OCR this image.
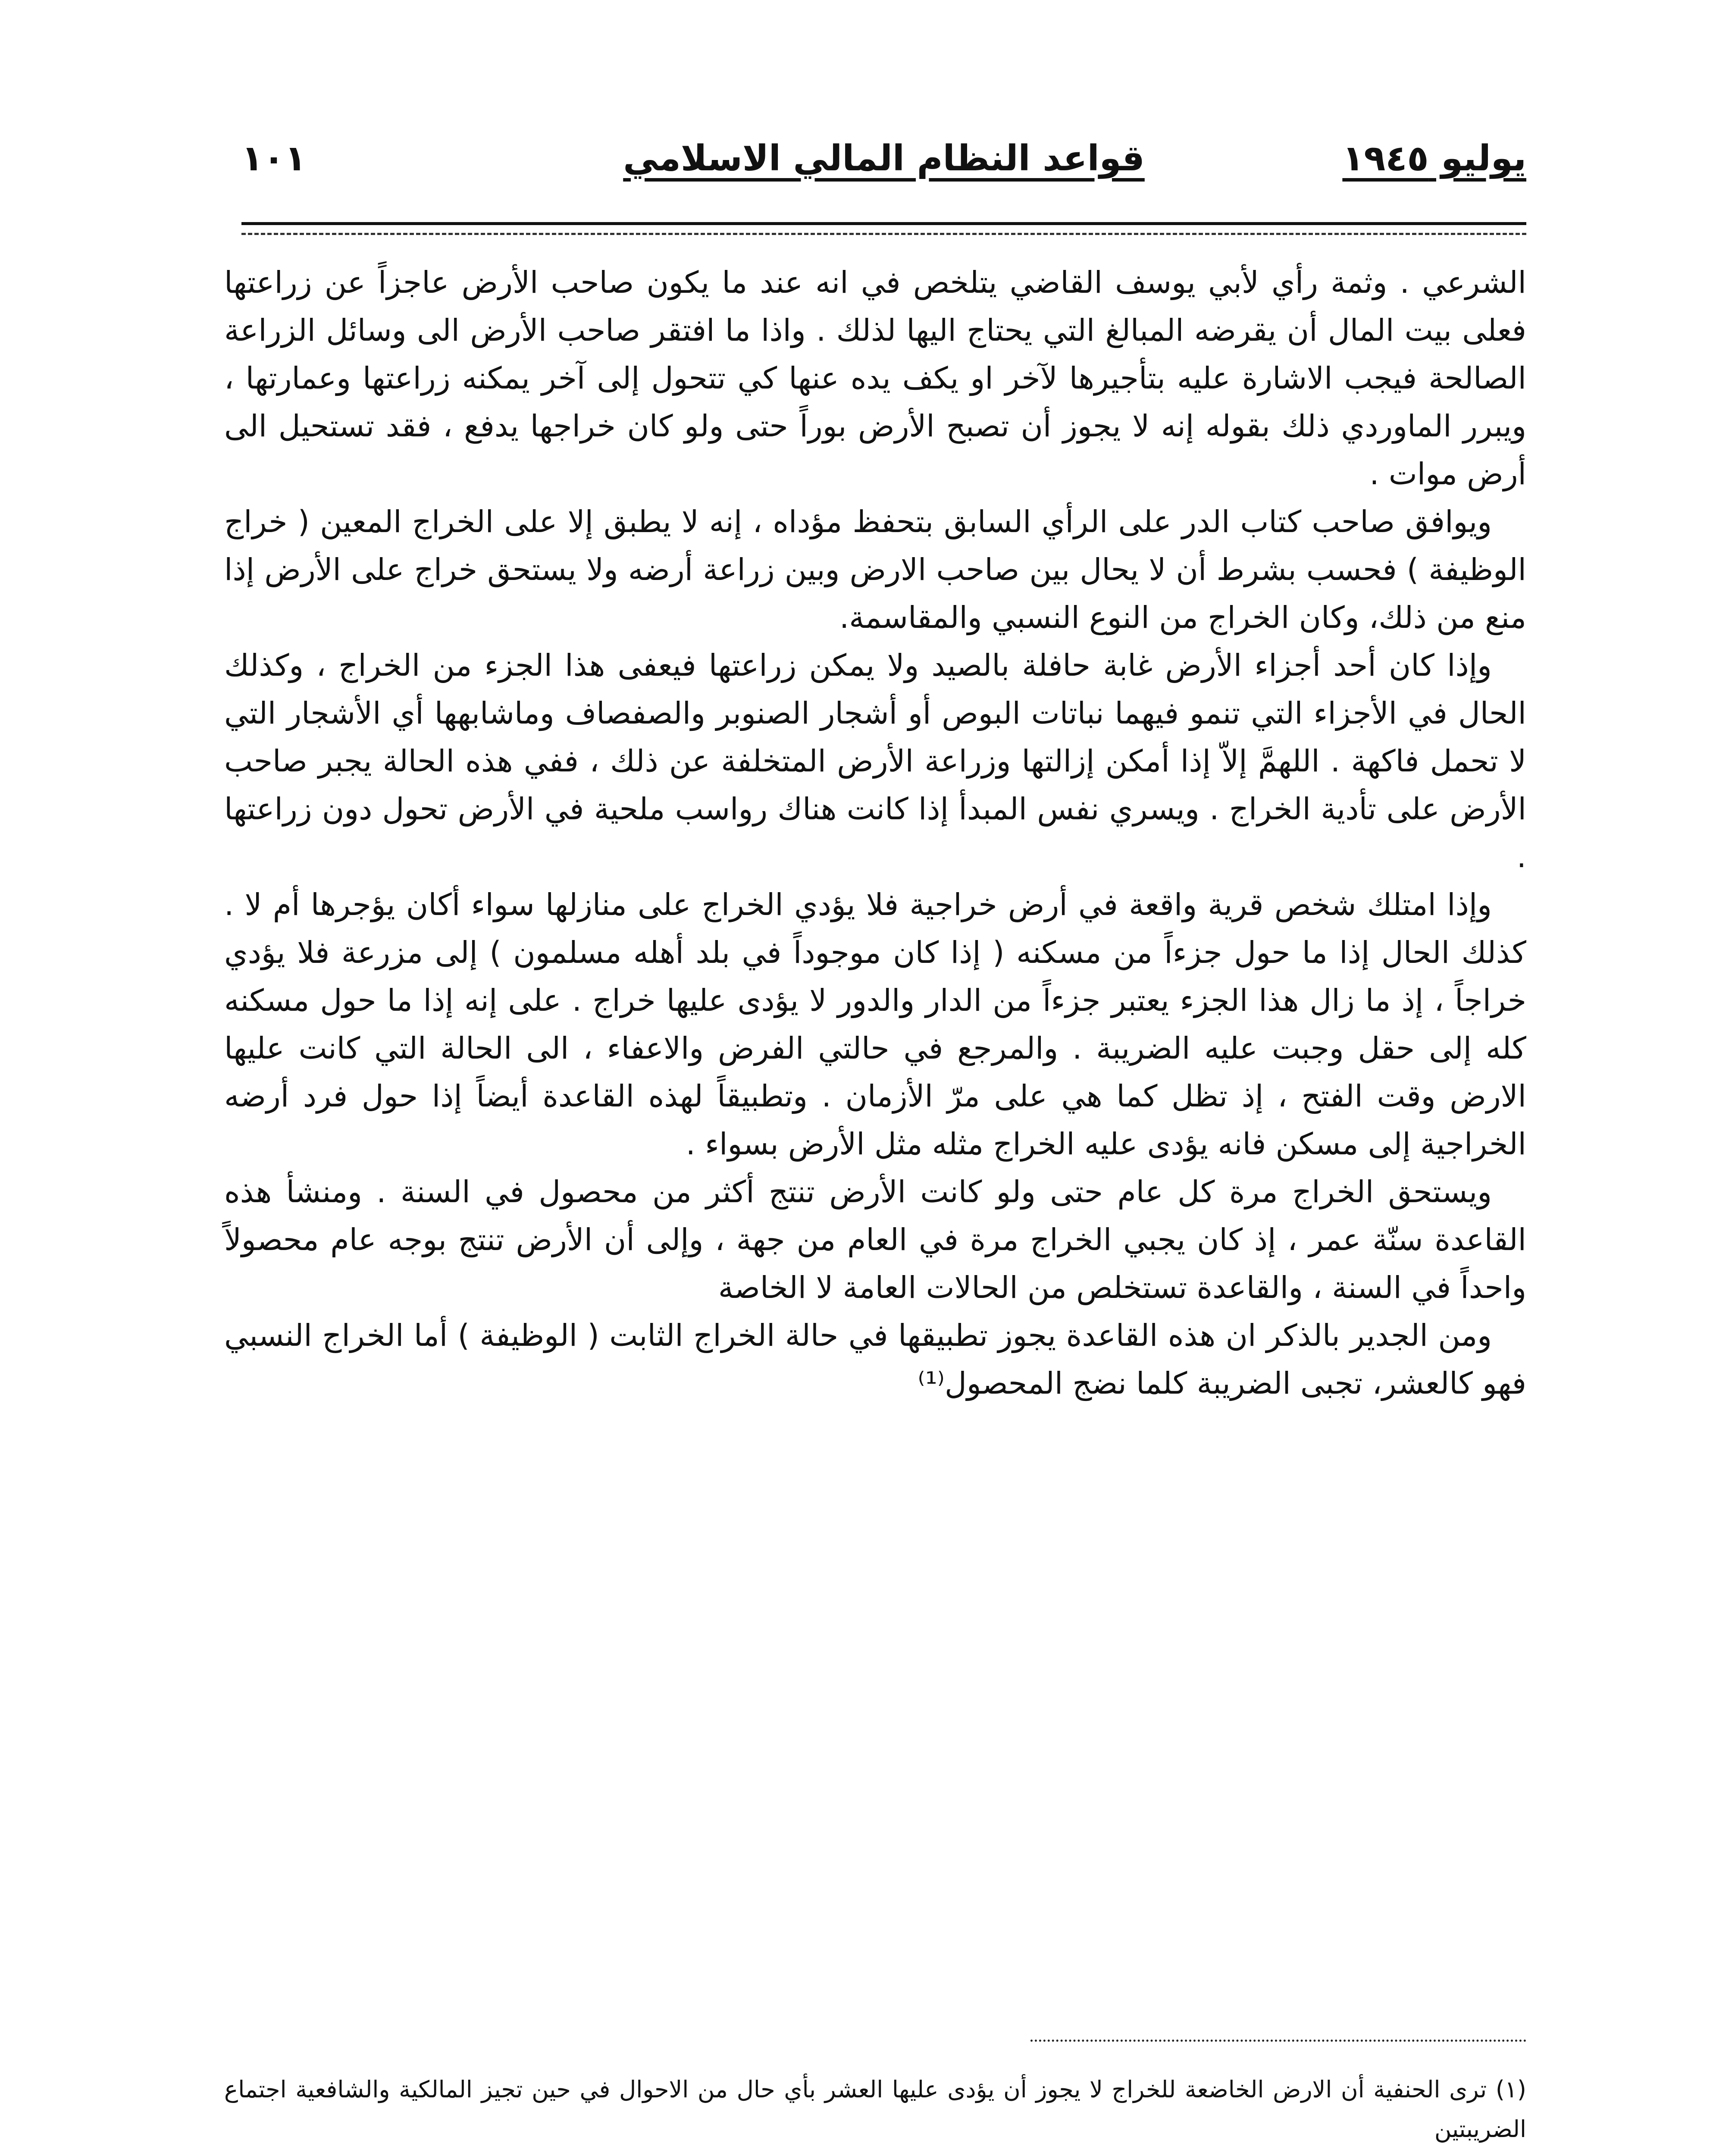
يوليو ١٩٤٥
قواعد النظام المالي الاسلامي
١٠١

الشرعي . وثمة رأي لأبي يوسف القاضي يتلخص في انه عند ما يكون صاحب الأرض عاجزاً عن زراعتها فعلى بيت المال أن يقرضه المبالغ التي يحتاج اليها لذلك . واذا ما افتقر صاحب الأرض الى وسائل الزراعة الصالحة فيجب الاشارة عليه بتأجيرها لآخر او يكف يده عنها كي تتحول إلى آخر يمكنه زراعتها وعمارتها ، ويبرر الماوردي ذلك بقوله إنه لا يجوز أن تصبح الأرض بوراً حتى ولو كان خراجها يدفع ، فقد تستحيل الى أرض موات .

ويوافق صاحب كتاب الدر على الرأي السابق بتحفظ مؤداه ، إنه لا يطبق إلا على الخراج المعين ( خراج الوظيفة ) فحسب بشرط أن لا يحال بين صاحب الارض وبين زراعة أرضه ولا يستحق خراج على الأرض إذا منع من ذلك، وكان الخراج من النوع النسبي والمقاسمة.

وإذا كان أحد أجزاء الأرض غابة حافلة بالصيد ولا يمكن زراعتها فيعفى هذا الجزء من الخراج ، وكذلك الحال في الأجزاء التي تنمو فيهما نباتات البوص أو أشجار الصنوبر والصفصاف وماشابهها أي الأشجار التي لا تحمل فاكهة . اللهمَّ إلاّ إذا أمكن إزالتها وزراعة الأرض المتخلفة عن ذلك ، ففي هذه الحالة يجبر صاحب الأرض على تأدية الخراج . ويسري نفس المبدأ إذا كانت هناك رواسب ملحية في الأرض تحول دون زراعتها .

وإذا امتلك شخص قرية واقعة في أرض خراجية فلا يؤدي الخراج على منازلها سواء أكان يؤجرها أم لا . كذلك الحال إذا ما حول جزءاً من مسكنه ( إذا كان موجوداً في بلد أهله مسلمون ) إلى مزرعة فلا يؤدي خراجاً ، إذ ما زال هذا الجزء يعتبر جزءاً من الدار والدور لا يؤدى عليها خراج . على إنه إذا ما حول مسكنه كله إلى حقل وجبت عليه الضريبة . والمرجع في حالتي الفرض والاعفاء ، الى الحالة التي كانت عليها الارض وقت الفتح ، إذ تظل كما هي على مرّ الأزمان . وتطبيقاً لهذه القاعدة أيضاً إذا حول فرد أرضه الخراجية إلى مسكن فانه يؤدى عليه الخراج مثله مثل الأرض بسواء .

ويستحق الخراج مرة كل عام حتى ولو كانت الأرض تنتج أكثر من محصول في السنة . ومنشأ هذه القاعدة سنّة عمر ، إذ كان يجبي الخراج مرة في العام من جهة ، وإلى أن الأرض تنتج بوجه عام محصولاً واحداً في السنة ، والقاعدة تستخلص من الحالات العامة لا الخاصة

ومن الجدير بالذكر ان هذه القاعدة يجوز تطبيقها في حالة الخراج الثابت ( الوظيفة ) أما الخراج النسبي فهو كالعشر، تجبى الضريبة كلما نضج المحصول⁽¹⁾

(١) ترى الحنفية أن الارض الخاضعة للخراج لا يجوز أن يؤدى عليها العشر بأي حال من الاحوال في حين تجيز المالكية والشافعية اجتماع الضريبتين
